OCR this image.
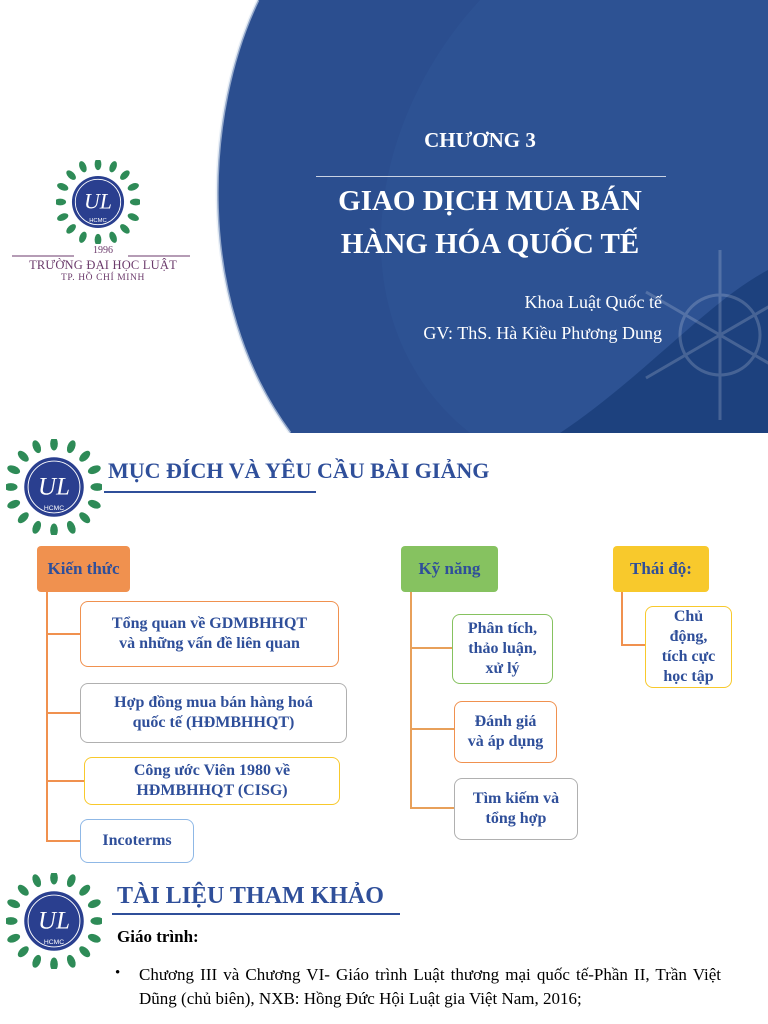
UL
HCMC
1996
TRƯỜNG ĐẠI HỌC LUẬT
TP. HỒ CHÍ MINH
CHƯƠNG 3
GIAO DỊCH MUA BÁN
HÀNG HÓA QUỐC TẾ
Khoa Luật Quốc tế
GV: ThS. Hà Kiều Phương Dung
UL
HCMC
MỤC ĐÍCH VÀ YÊU CẦU BÀI GIẢNG
Kiến thức
Tổng quan về GDMBHHQT
và những vấn đề liên quan
Hợp đồng mua bán hàng hoá
quốc tế (HĐMBHHQT)
Công ước Viên 1980 về
HĐMBHHQT (CISG)
Incoterms
Kỹ năng
Phân tích,
thảo luận,
xử lý
Đánh giá
và áp dụng
Tìm kiếm và
tổng hợp
Thái độ:
Chủ
động,
tích cực
học tập
UL
HCMC
TÀI LIỆU THAM KHẢO
Giáo trình:
• Chương III và Chương VI- Giáo trình Luật thương mại quốc tế-Phần II, Trần Việt Dũng (chủ biên), NXB: Hồng Đức Hội Luật gia Việt Nam, 2016;
